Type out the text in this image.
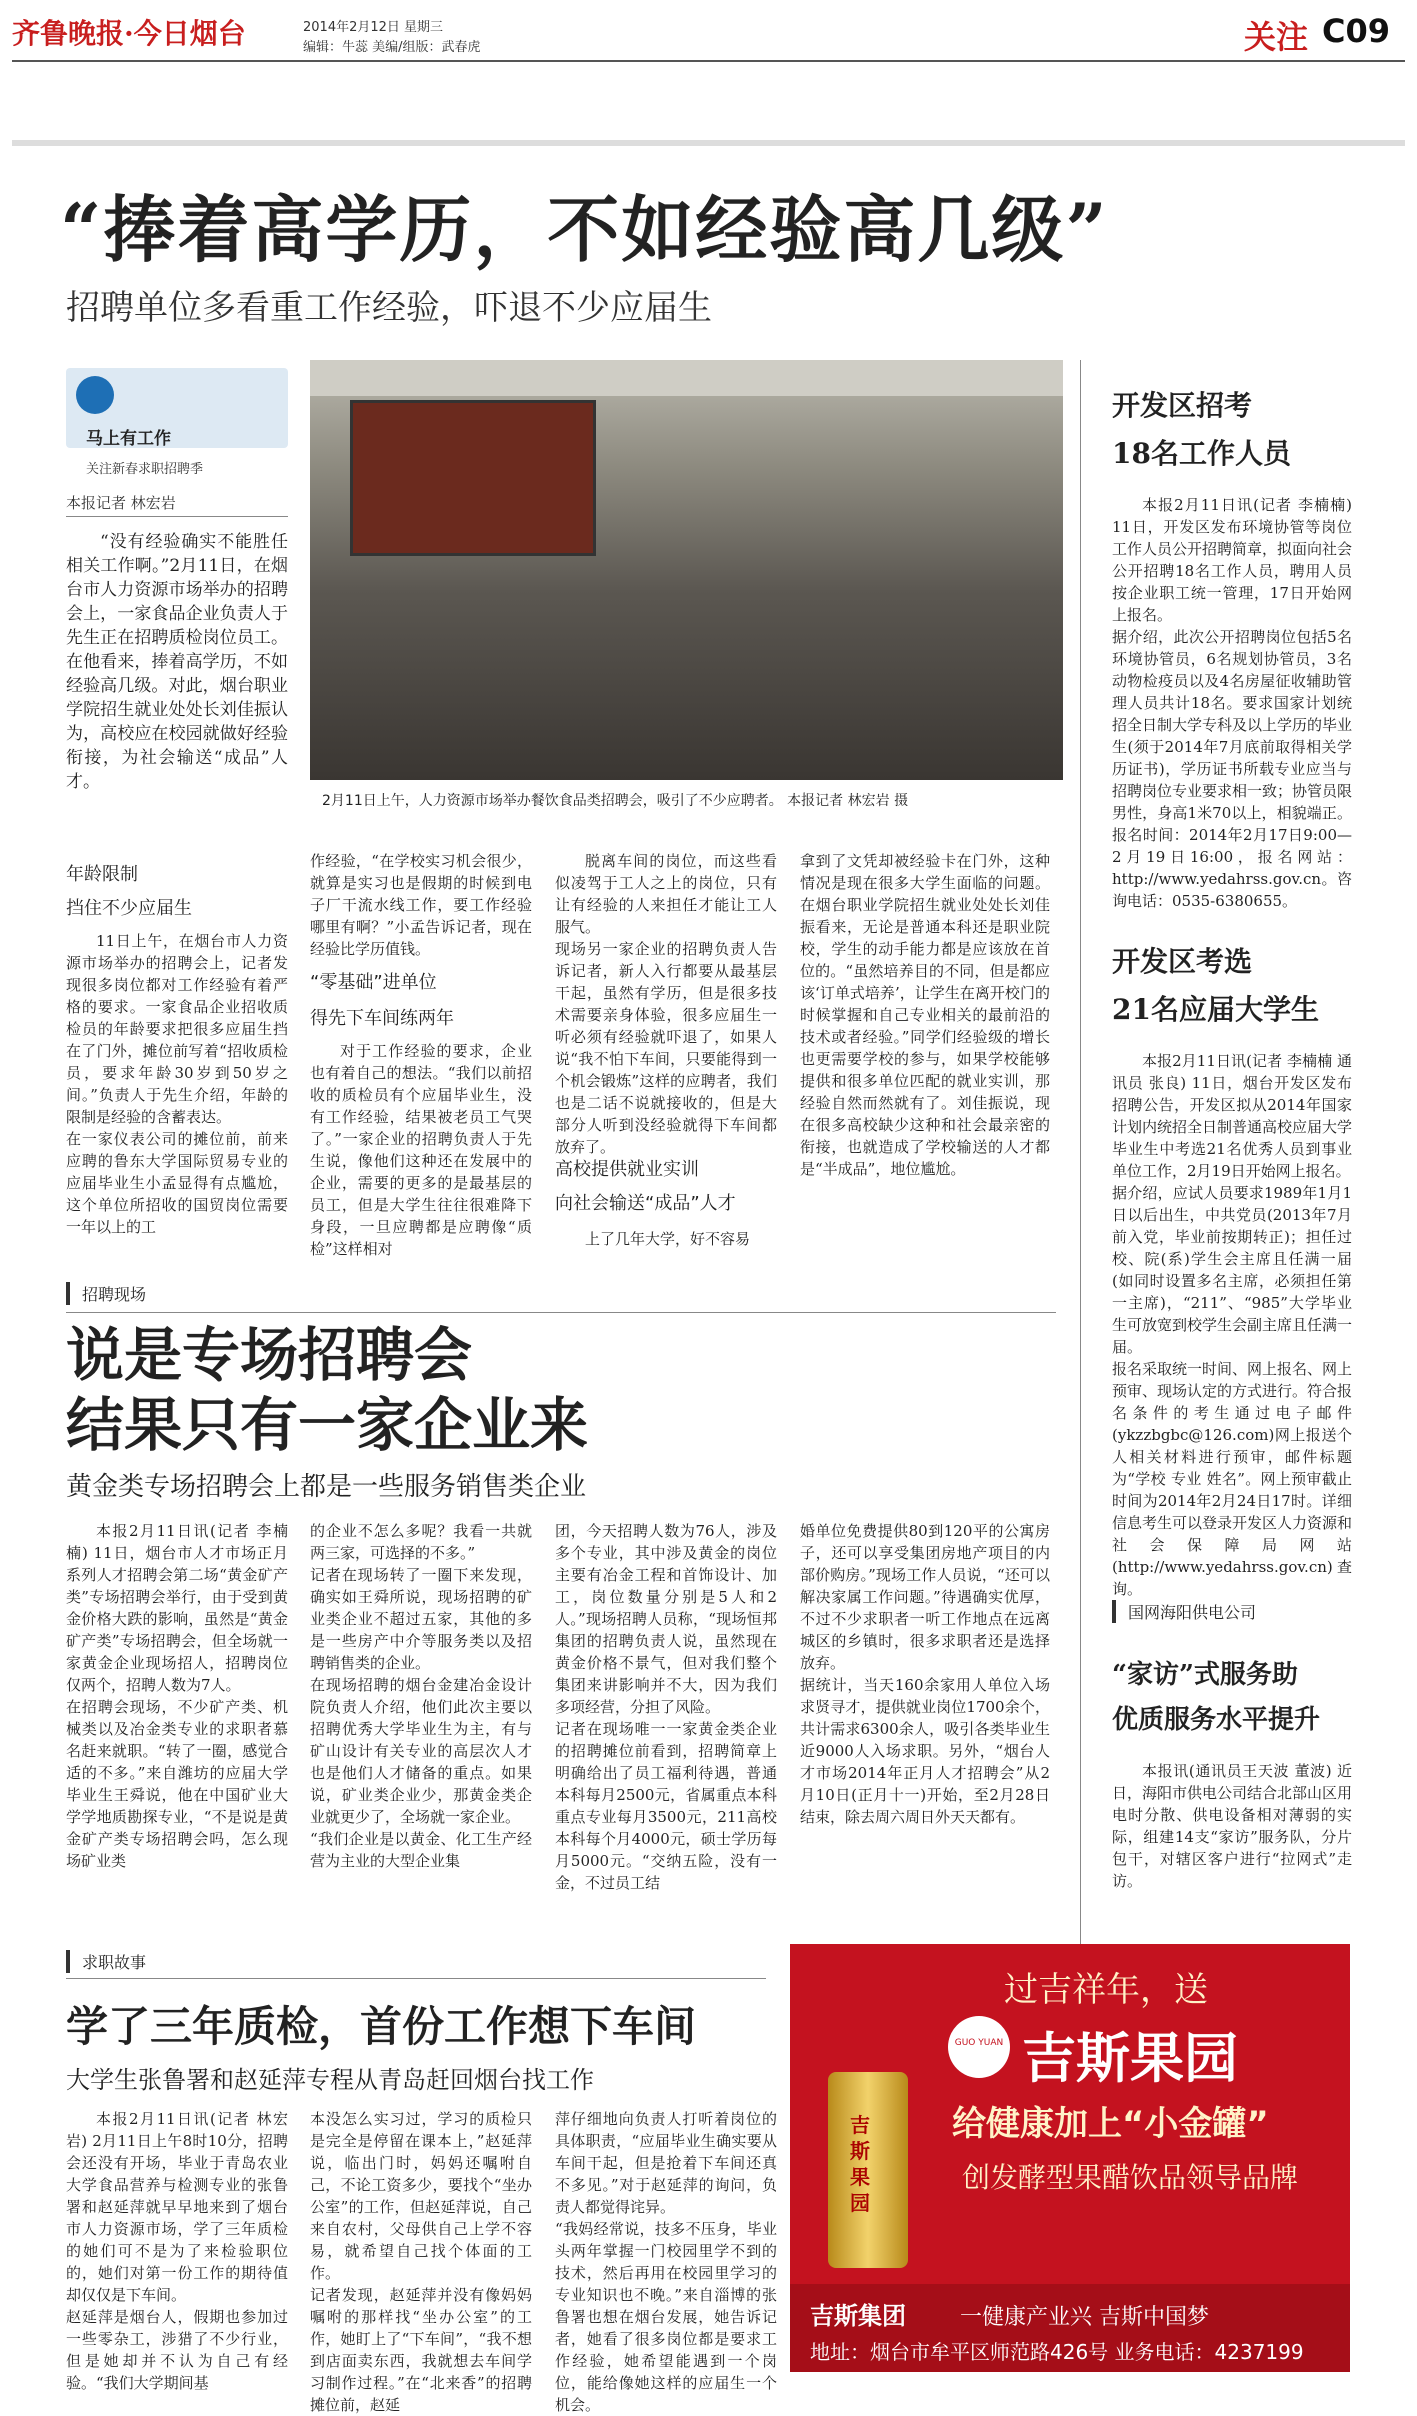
齐鲁晚报·今日烟台	2014年2月12日 星期三
编辑：牛蕊 美编/组版：武春虎	关注 C09
“捧着高学历，不如经验高几级”
招聘单位多看重工作经验，吓退不少应届生
马上有工作
关注新春求职招聘季
本报记者 林宏岩
“没有经验确实不能胜任相关工作啊。”2月11日，在烟台市人力资源市场举办的招聘会上，一家食品企业负责人于先生正在招聘质检岗位员工。在他看来，捧着高学历，不如经验高几级。对此，烟台职业学院招生就业处处长刘佳振认为，高校应在校园就做好经验衔接，为社会输送“成品”人才。
2月11日上午，人力资源市场举办餐饮食品类招聘会，吸引了不少应聘者。 本报记者 林宏岩 摄
年龄限制
挡住不少应届生
11日上午，在烟台市人力资源市场举办的招聘会上，记者发现很多岗位都对工作经验有着严格的要求。一家食品企业招收质检员的年龄要求把很多应届生挡在了门外，摊位前写着“招收质检员，要求年龄30岁到50岁之间。”负责人于先生介绍，年龄的限制是经验的含蓄表达。
在一家仪表公司的摊位前，前来应聘的鲁东大学国际贸易专业的应届毕业生小孟显得有点尴尬，这个单位所招收的国贸岗位需要一年以上的工
作经验，“在学校实习机会很少，就算是实习也是假期的时候到电子厂干流水线工作，要工作经验哪里有啊？”小孟告诉记者，现在经验比学历值钱。
“零基础”进单位
得先下车间练两年
对于工作经验的要求，企业也有着自己的想法。“我们以前招收的质检员有个应届毕业生，没有工作经验，结果被老员工气哭了。”一家企业的招聘负责人于先生说，像他们这种还在发展中的企业，需要的更多的是最基层的员工，但是大学生往往很难降下身段，一旦应聘都是应聘像“质检”这样相对
脱离车间的岗位，而这些看似凌驾于工人之上的岗位，只有让有经验的人来担任才能让工人服气。
现场另一家企业的招聘负责人告诉记者，新人入行都要从最基层干起，虽然有学历，但是很多技术需要亲身体验，很多应届生一听必须有经验就吓退了，如果人说“我不怕下车间，只要能得到一个机会锻炼”这样的应聘者，我们也是二话不说就接收的，但是大部分人听到没经验就得下车间都放弃了。
高校提供就业实训
向社会输送“成品”人才
上了几年大学，好不容易
拿到了文凭却被经验卡在门外，这种情况是现在很多大学生面临的问题。在烟台职业学院招生就业处处长刘佳振看来，无论是普通本科还是职业院校，学生的动手能力都是应该放在首位的。“虽然培养目的不同，但是都应该‘订单式培养’，让学生在离开校门的时候掌握和自己专业相关的最前沿的技术或者经验。”同学们经验级的增长也更需要学校的参与，如果学校能够提供和很多单位匹配的就业实训，那经验自然而然就有了。刘佳振说，现在很多高校缺少这种和社会最亲密的衔接，也就造成了学校输送的人才都是“半成品”，地位尴尬。
开发区招考
18名工作人员
本报2月11日讯(记者 李楠楠) 11日，开发区发布环境协管等岗位工作人员公开招聘简章，拟面向社会公开招聘18名工作人员，聘用人员按企业职工统一管理，17日开始网上报名。
据介绍，此次公开招聘岗位包括5名环境协管员，6名规划协管员，3名动物检疫员以及4名房屋征收辅助管理人员共计18名。要求国家计划统招全日制大学专科及以上学历的毕业生(须于2014年7月底前取得相关学历证书)，学历证书所载专业应当与招聘岗位专业要求相一致；协管员限男性，身高1米70以上，相貌端正。报名时间：2014年2月17日9:00—2月19日16:00，报名网站：http://www.yedahrss.gov.cn。咨询电话：0535-6380655。
开发区考选
21名应届大学生
本报2月11日讯(记者 李楠楠 通讯员 张良) 11日，烟台开发区发布招聘公告，开发区拟从2014年国家计划内统招全日制普通高校应届大学毕业生中考选21名优秀人员到事业单位工作，2月19日开始网上报名。
据介绍，应试人员要求1989年1月1日以后出生，中共党员(2013年7月前入党，毕业前按期转正)；担任过校、院(系)学生会主席且任满一届(如同时设置多名主席，必须担任第一主席)，“211”、“985”大学毕业生可放宽到校学生会副主席且任满一届。
报名采取统一时间、网上报名、网上预审、现场认定的方式进行。符合报名条件的考生通过电子邮件(ykzzbgbc@126.com)网上报送个人相关材料进行预审，邮件标题为“学校 专业 姓名”。网上预审截止时间为2014年2月24日17时。详细信息考生可以登录开发区人力资源和社会保障局网站(http://www.yedahrss.gov.cn)查询。
国网海阳供电公司
“家访”式服务助
优质服务水平提升
本报讯(通讯员王天波 董波) 近日，海阳市供电公司结合北部山区用电时分散、供电设备相对薄弱的实际，组建14支“家访”服务队，分片包干，对辖区客户进行“拉网式”走访。
招聘现场
说是专场招聘会
结果只有一家企业来
黄金类专场招聘会上都是一些服务销售类企业
本报2月11日讯(记者 李楠楠) 11日，烟台市人才市场正月系列人才招聘会第二场“黄金矿产类”专场招聘会举行，由于受到黄金价格大跌的影响，虽然是“黄金矿产类”专场招聘会，但全场就一家黄金企业现场招人，招聘岗位仅两个，招聘人数为7人。
在招聘会现场，不少矿产类、机械类以及冶金类专业的求职者慕名赶来就职。“转了一圈，感觉合适的不多。”来自潍坊的应届大学毕业生王舜说，他在中国矿业大学学地质勘探专业，“不是说是黄金矿产类专场招聘会吗，怎么现场矿业类
的企业不怎么多呢？我看一共就两三家，可选择的不多。”
记者在现场转了一圈下来发现，确实如王舜所说，现场招聘的矿业类企业不超过五家，其他的多是一些房产中介等服务类以及招聘销售类的企业。
在现场招聘的烟台金建冶金设计院负责人介绍，他们此次主要以招聘优秀大学毕业生为主，有与矿山设计有关专业的高层次人才也是他们人才储备的重点。如果说，矿业类企业少，那黄金类企业就更少了，全场就一家企业。
“我们企业是以黄金、化工生产经营为主业的大型企业集
团，今天招聘人数为76人，涉及多个专业，其中涉及黄金的岗位主要有冶金工程和首饰设计、加工，岗位数量分别是5人和2人。”现场招聘人员称，“现场恒邦集团的招聘负责人说，虽然现在黄金价格不景气，但对我们整个集团来讲影响并不大，因为我们多项经营，分担了风险。
记者在现场唯一一家黄金类企业的招聘摊位前看到，招聘简章上明确给出了员工福利待遇，普通本科每月2500元，省属重点本科重点专业每月3500元，211高校本科每个月4000元，硕士学历每月5000元。“交纳五险，没有一金，不过员工结
婚单位免费提供80到120平的公寓房子，还可以享受集团房地产项目的内部价购房。”现场工作人员说，“还可以解决家属工作问题。”待遇确实优厚，不过不少求职者一听工作地点在远离城区的乡镇时，很多求职者还是选择放弃。
据统计，当天160余家用人单位入场求贤寻才，提供就业岗位1700余个，共计需求6300余人，吸引各类毕业生近9000人入场求职。另外，“烟台人才市场2014年正月人才招聘会”从2月10日(正月十一)开始，至2月28日结束，除去周六周日外天天都有。
求职故事
学了三年质检，首份工作想下车间
大学生张鲁署和赵延萍专程从青岛赶回烟台找工作
本报2月11日讯(记者 林宏岩) 2月11日上午8时10分，招聘会还没有开场，毕业于青岛农业大学食品营养与检测专业的张鲁署和赵延萍就早早地来到了烟台市人力资源市场，学了三年质检的她们可不是为了来检验职位的，她们对第一份工作的期待值却仅仅是下车间。
赵延萍是烟台人，假期也参加过一些零杂工，涉猎了不少行业，但是她却并不认为自己有经验。“我们大学期间基
本没怎么实习过，学习的质检只是完全是停留在课本上，”赵延萍说，临出门时，妈妈还嘱咐自己，不论工资多少，要找个“坐办公室”的工作，但赵延萍说，自己来自农村，父母供自己上学不容易，就希望自己找个体面的工作。
记者发现，赵延萍并没有像妈妈嘱咐的那样找“坐办公室”的工作，她盯上了“下车间”，“我不想到店面卖东西，我就想去车间学习制作过程。”在“北来香”的招聘摊位前，赵延
萍仔细地向负责人打听着岗位的具体职责，“应届毕业生确实要从车间干起，但是抢着下车间还真不多见。”对于赵延萍的询问，负责人都觉得诧异。
“我妈经常说，技多不压身，毕业头两年掌握一门校园里学不到的技术，然后再用在校园里学习的专业知识也不晚。”来自淄博的张鲁署也想在烟台发展，她告诉记者，她看了很多岗位都是要求工作经验，她希望能遇到一个岗位，能给像她这样的应届生一个机会。
过吉祥年，送
GUO YUAN 吉斯果园
吉斯果园
给健康加上“小金罐”
创发酵型果醋饮品领导品牌
吉斯集团 一健康产业兴 吉斯中国梦
地址：烟台市牟平区师范路426号 业务电话：4237199
